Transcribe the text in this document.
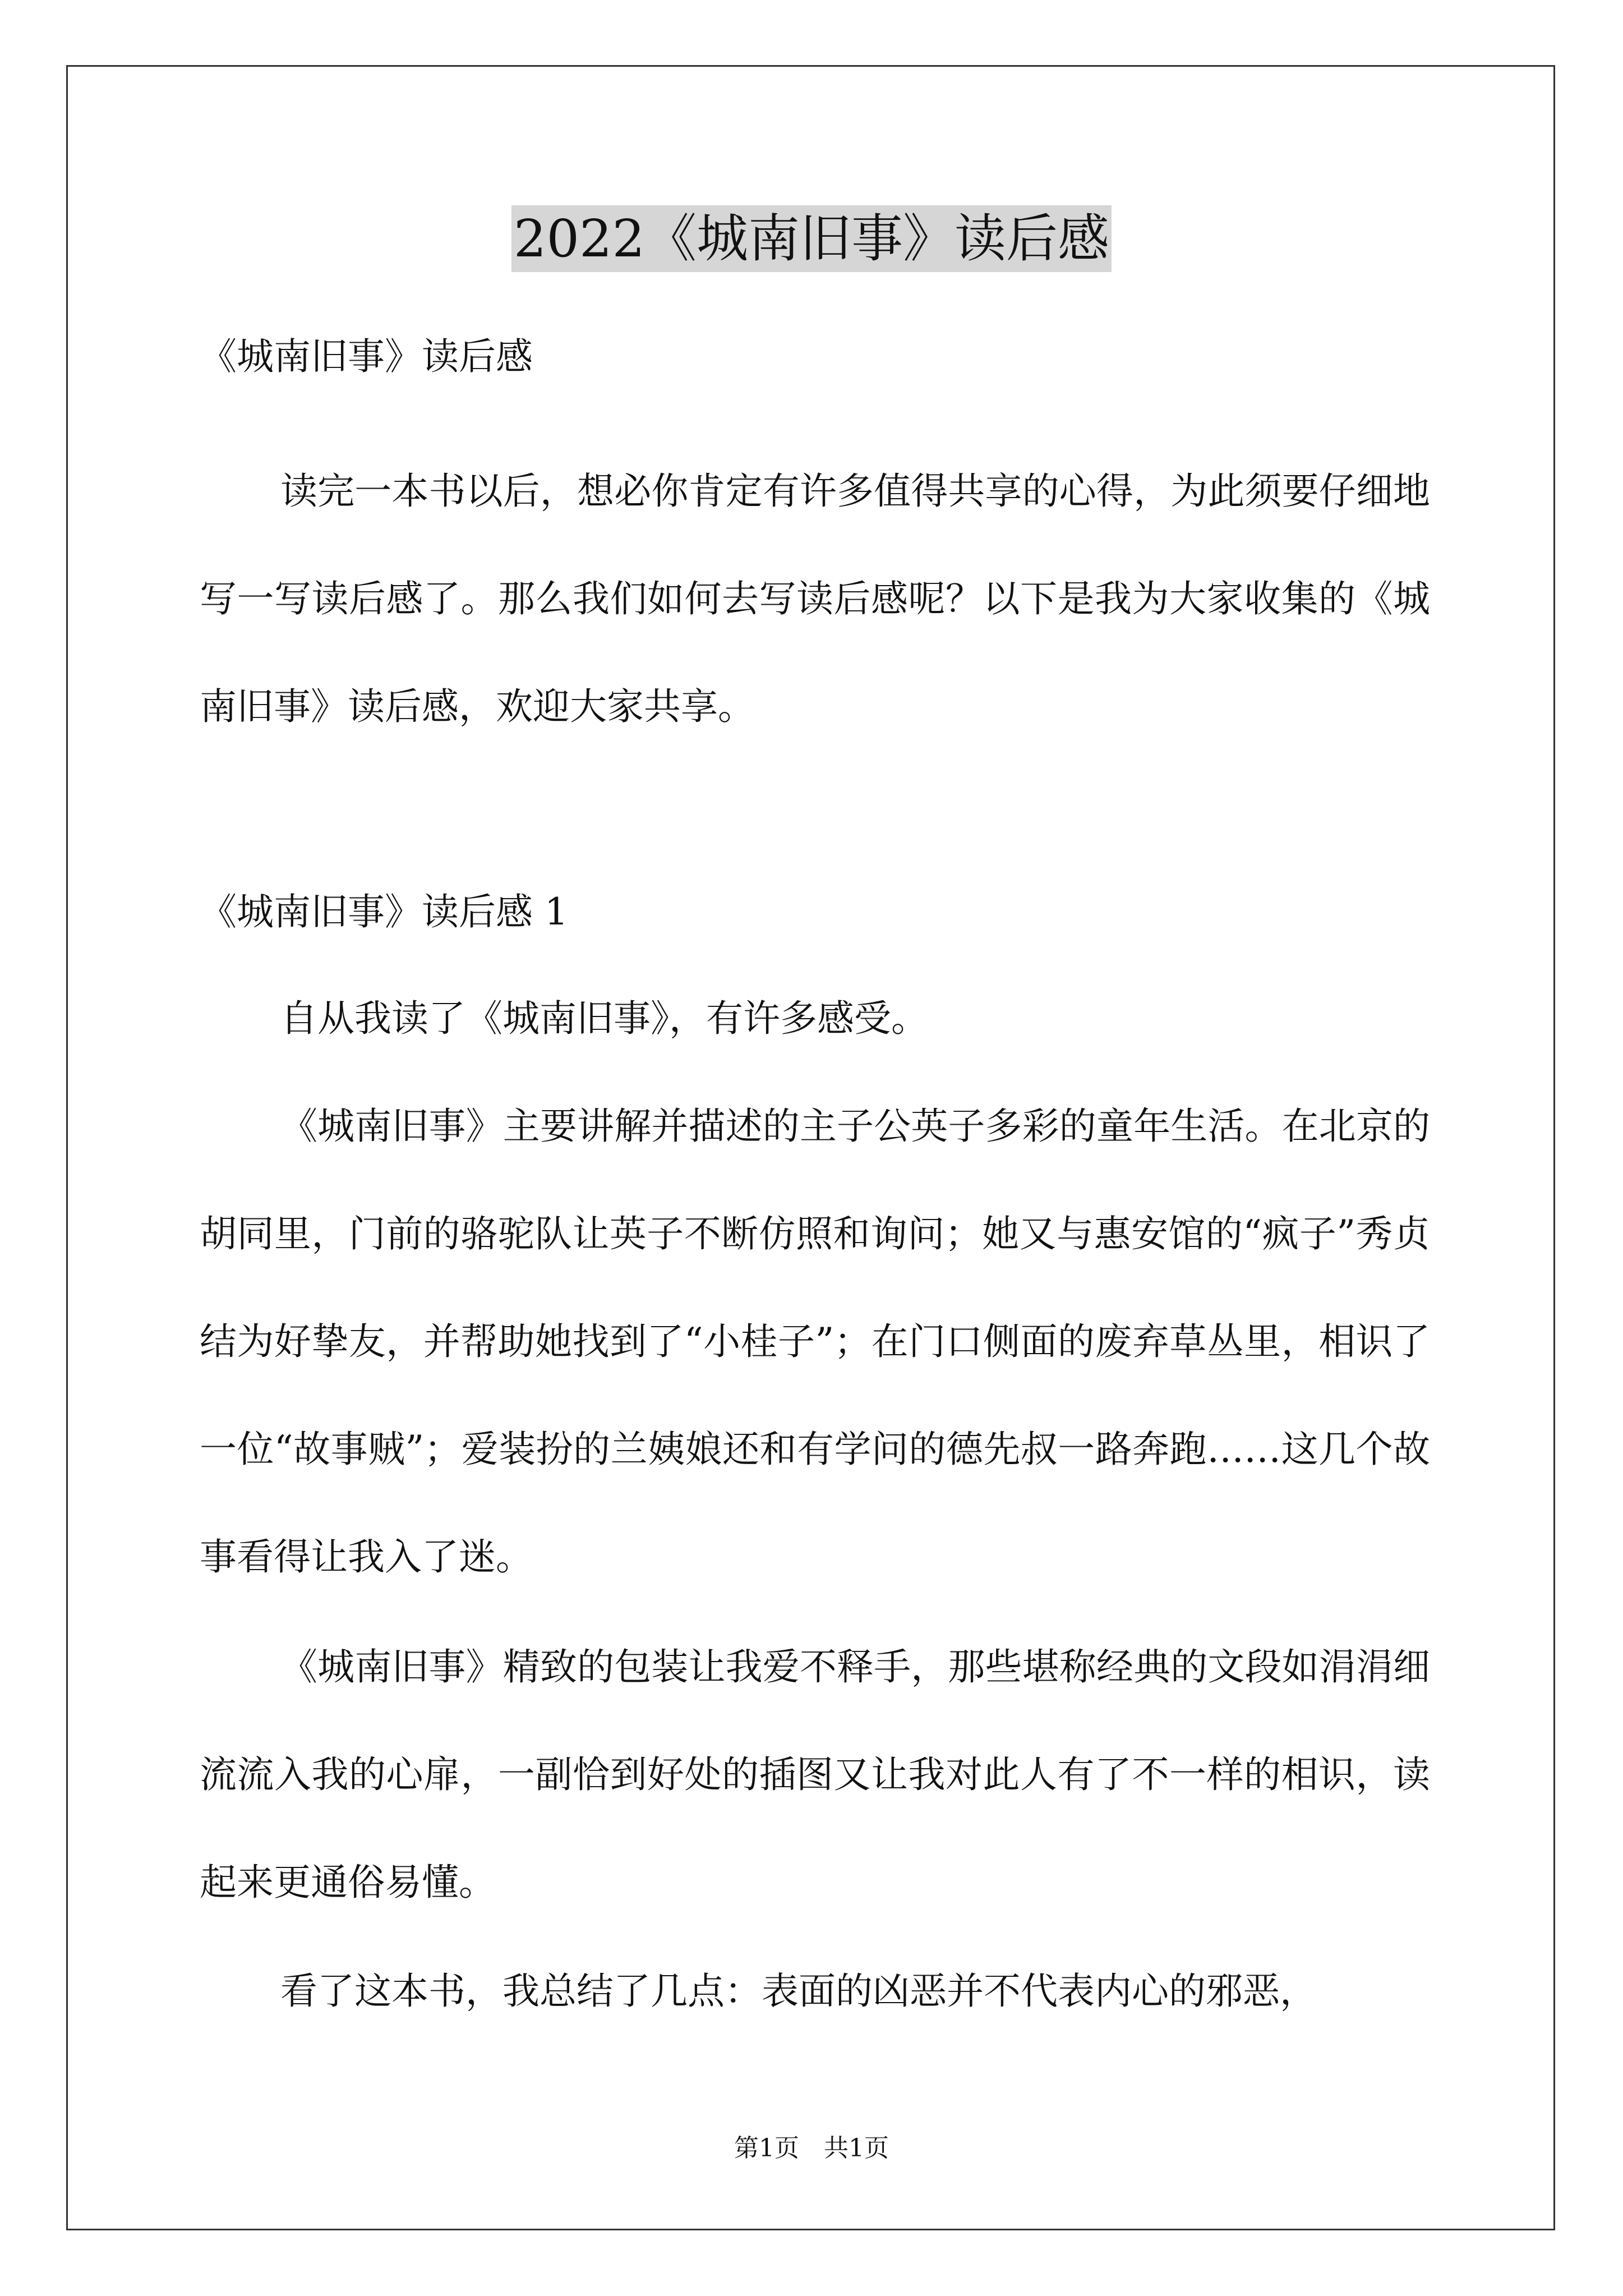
2022《城南旧事》读后感
《城南旧事》读后感
读完一本书以后，想必你肯定有许多值得共享的心得，为此须要仔细地写一写读后感了。那么我们如何去写读后感呢？以下是我为大家收集的《城南旧事》读后感，欢迎大家共享。
《城南旧事》读后感 1
自从我读了《城南旧事》，有许多感受。
《城南旧事》主要讲解并描述的主子公英子多彩的童年生活。在北京的胡同里，门前的骆驼队让英子不断仿照和询问；她又与惠安馆的“疯子”秀贞结为好挚友，并帮助她找到了“小桂子”；在门口侧面的废弃草丛里，相识了一位“故事贼”；爱装扮的兰姨娘还和有学问的德先叔一路奔跑……这几个故事看得让我入了迷。
《城南旧事》精致的包装让我爱不释手，那些堪称经典的文段如涓涓细流流入我的心扉，一副恰到好处的插图又让我对此人有了不一样的相识，读起来更通俗易懂。
看了这本书，我总结了几点：表面的凶恶并不代表内心的邪恶，
第1页　共1页
